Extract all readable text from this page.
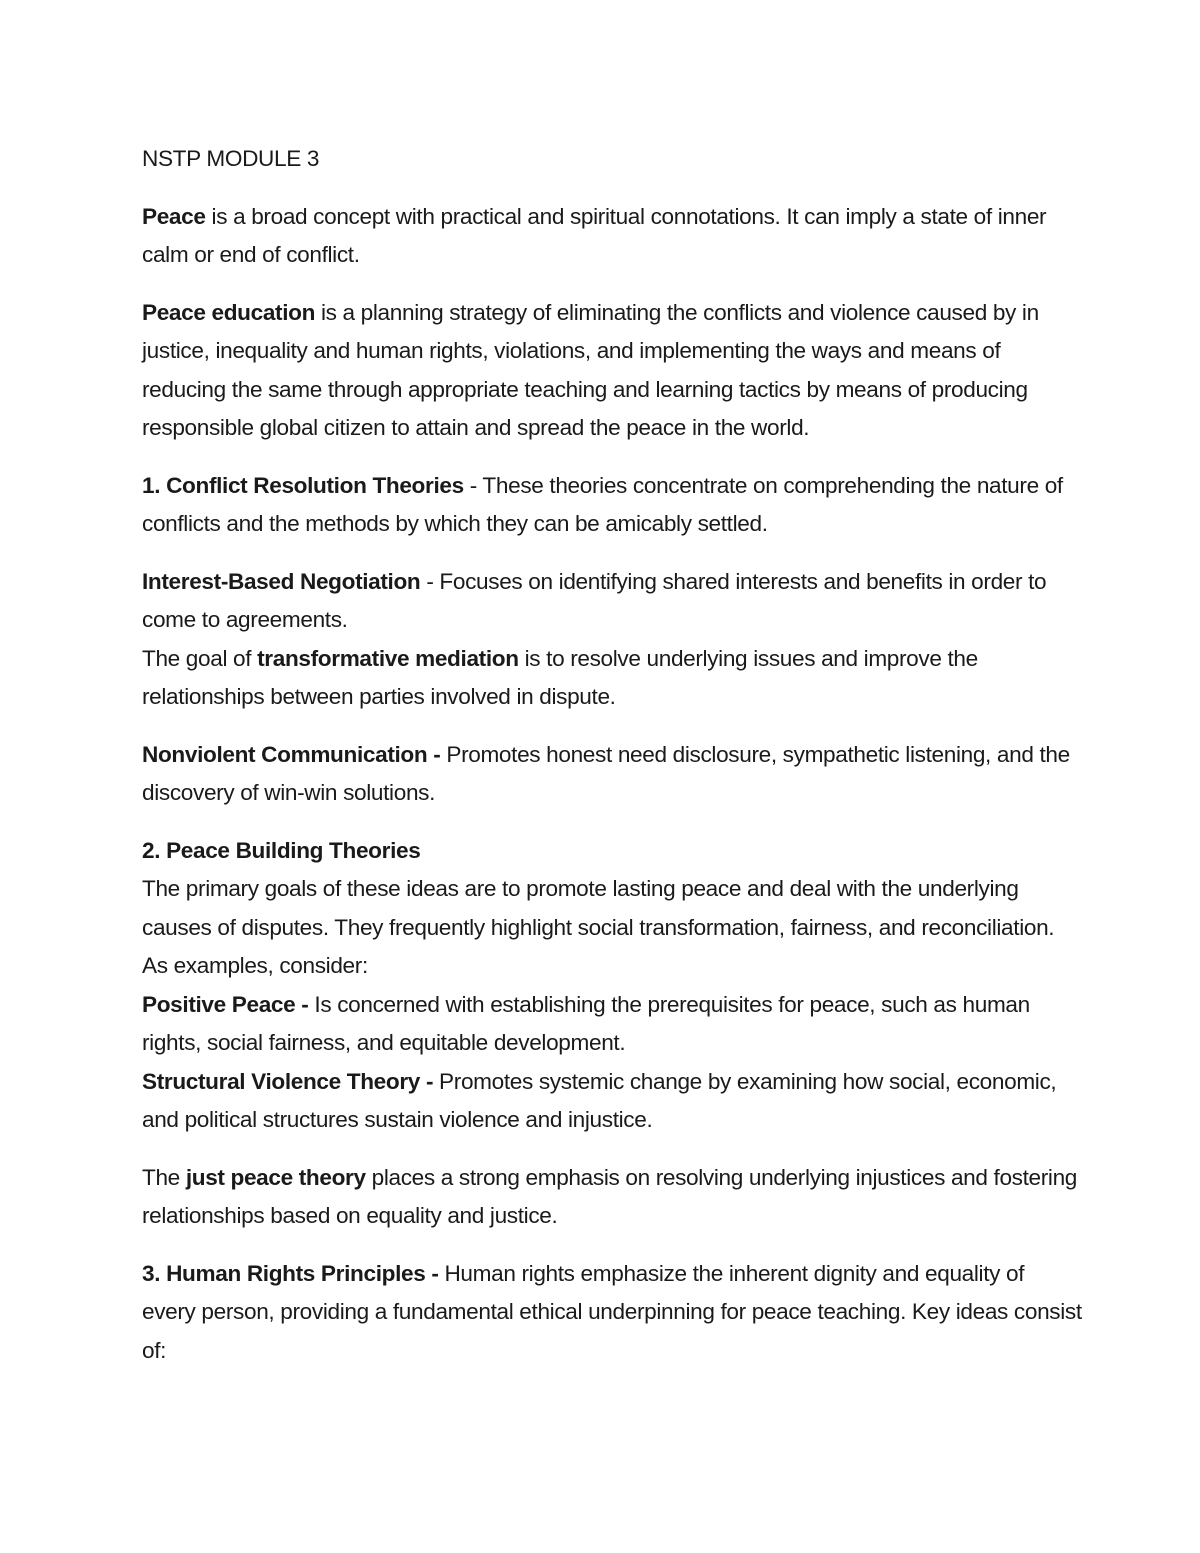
NSTP MODULE 3

Peace is a broad concept with practical and spiritual connotations. It can imply a state of inner calm or end of conflict.

Peace education is a planning strategy of eliminating the conflicts and violence caused by in justice, inequality and human rights, violations, and implementing the ways and means of reducing the same through appropriate teaching and learning tactics by means of producing responsible global citizen to attain and spread the peace in the world.

1. Conflict Resolution Theories - These theories concentrate on comprehending the nature of conflicts and the methods by which they can be amicably settled.

Interest-Based Negotiation - Focuses on identifying shared interests and benefits in order to come to agreements.

The goal of transformative mediation is to resolve underlying issues and improve the relationships between parties involved in dispute.

Nonviolent Communication - Promotes honest need disclosure, sympathetic listening, and the discovery of win-win solutions.

2. Peace Building Theories

The primary goals of these ideas are to promote lasting peace and deal with the underlying causes of disputes. They frequently highlight social transformation, fairness, and reconciliation. As examples, consider:

Positive Peace - Is concerned with establishing the prerequisites for peace, such as human rights, social fairness, and equitable development.

Structural Violence Theory - Promotes systemic change by examining how social, economic, and political structures sustain violence and injustice.

The just peace theory places a strong emphasis on resolving underlying injustices and fostering relationships based on equality and justice.

3. Human Rights Principles - Human rights emphasize the inherent dignity and equality of every person, providing a fundamental ethical underpinning for peace teaching. Key ideas consist of:
